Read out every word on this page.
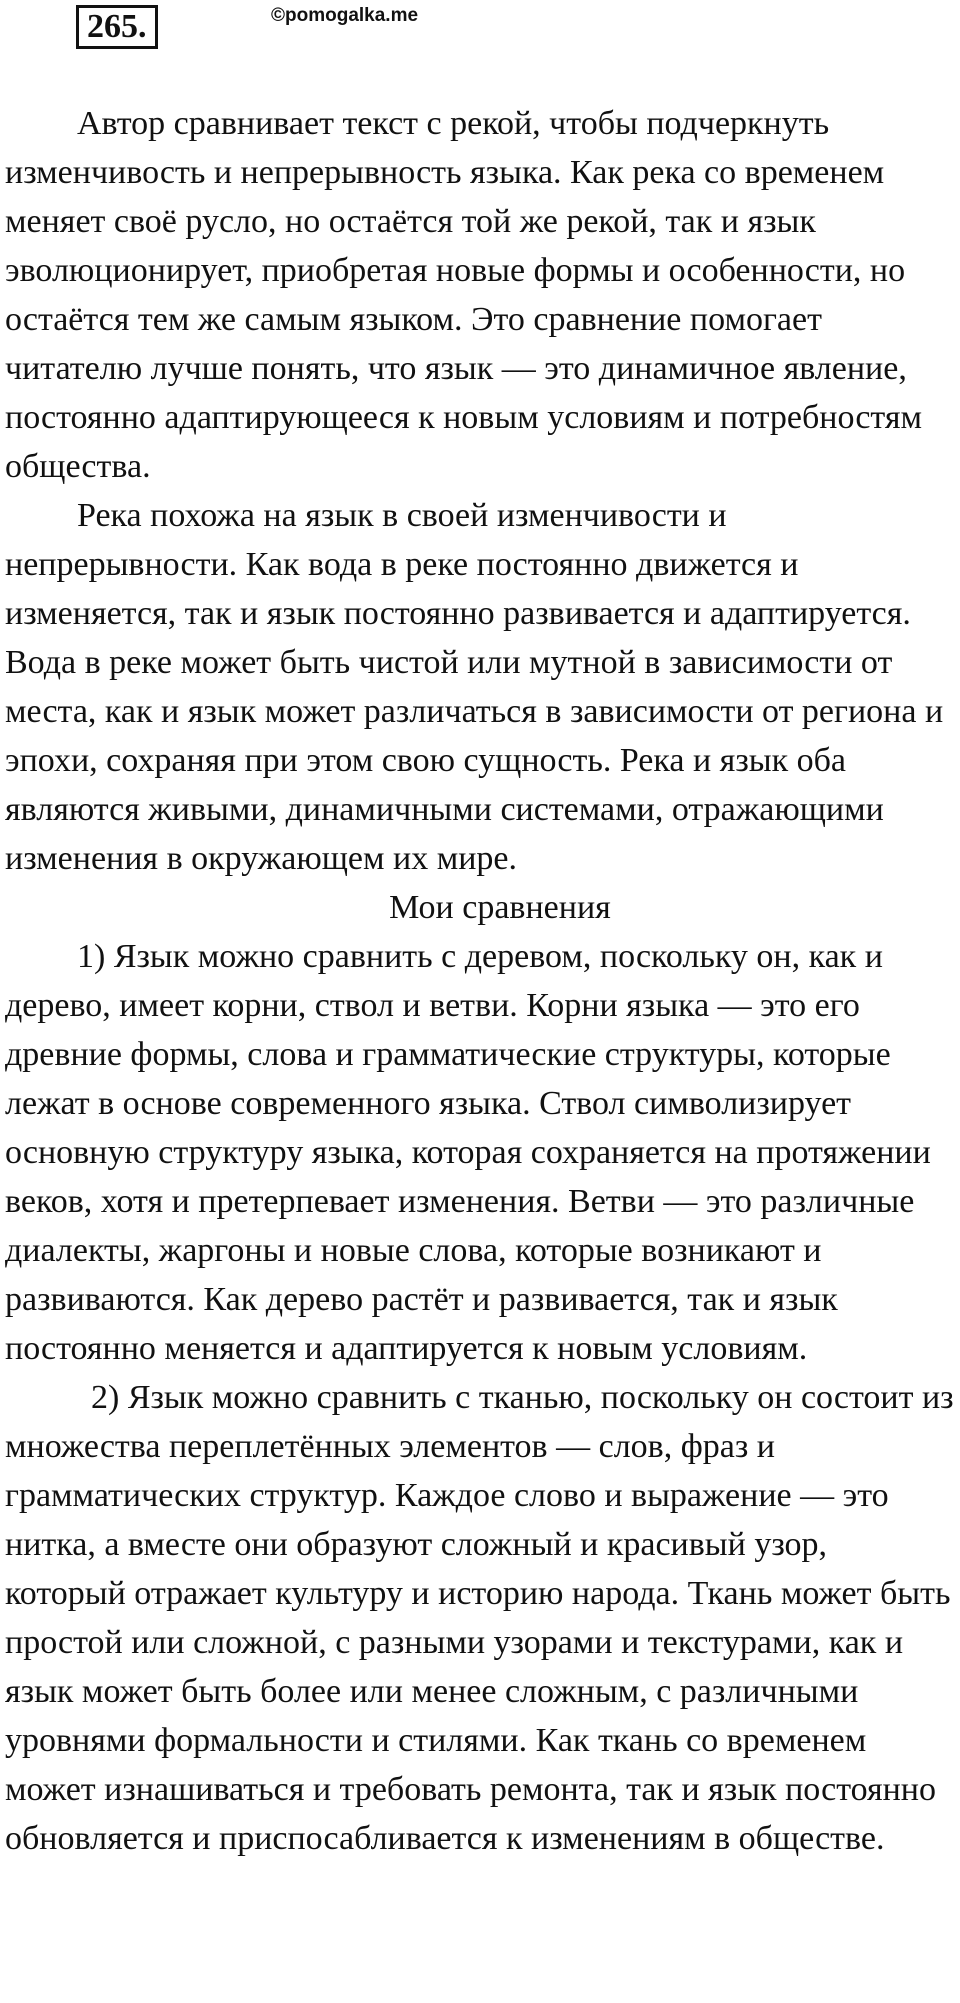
265.	©pomogalka.me

Автор сравнивает текст с рекой, чтобы подчеркнуть изменчивость и непрерывность языка. Как река со временем меняет своё русло, но остаётся той же рекой, так и язык эволюционирует, приобретая новые формы и особенности, но остаётся тем же самым языком. Это сравнение помогает читателю лучше понять, что язык — это динамичное явление, постоянно адаптирующееся к новым условиям и потребностям общества.

Река похожа на язык в своей изменчивости и непрерывности. Как вода в реке постоянно движется и изменяется, так и язык постоянно развивается и адаптируется. Вода в реке может быть чистой или мутной в зависимости от места, как и язык может различаться в зависимости от региона и эпохи, сохраняя при этом свою сущность. Река и язык оба являются живыми, динамичными системами, отражающими изменения в окружающем их мире.

Мои сравнения

1) Язык можно сравнить с деревом, поскольку он, как и дерево, имеет корни, ствол и ветви. Корни языка — это его древние формы, слова и грамматические структуры, которые лежат в основе современного языка. Ствол символизирует основную структуру языка, которая сохраняется на протяжении веков, хотя и претерпевает изменения. Ветви — это различные диалекты, жаргоны и новые слова, которые возникают и развиваются. Как дерево растёт и развивается, так и язык постоянно меняется и адаптируется к новым условиям.

2) Язык можно сравнить с тканью, поскольку он состоит из множества переплетённых элементов — слов, фраз и грамматических структур. Каждое слово и выражение — это нитка, а вместе они образуют сложный и красивый узор, который отражает культуру и историю народа. Ткань может быть простой или сложной, с разными узорами и текстурами, как и язык может быть более или менее сложным, с различными уровнями формальности и стилями. Как ткань со временем может изнашиваться и требовать ремонта, так и язык постоянно обновляется и приспосабливается к изменениям в обществе.
